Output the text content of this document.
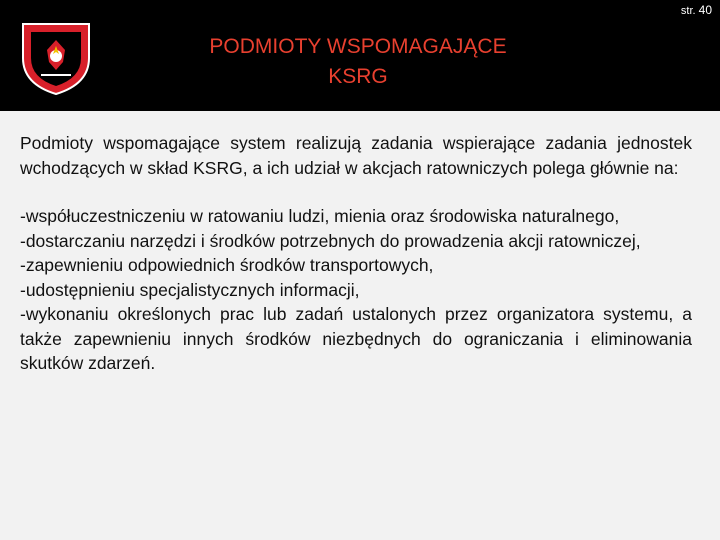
str. 40
PODMIOTY WSPOMAGAJĄCE
KSRG
Podmioty wspomagające system realizują zadania wspierające zadania jednostek wchodzących w skład KSRG, a ich udział w akcjach ratowniczych polega głównie na:
-współuczestniczeniu w ratowaniu ludzi, mienia oraz środowiska naturalnego,
-dostarczaniu narzędzi i środków potrzebnych do prowadzenia akcji ratowniczej,
-zapewnieniu odpowiednich środków transportowych,
-udostępnieniu specjalistycznych informacji,
-wykonaniu określonych prac lub zadań ustalonych przez organizatora systemu, a także zapewnieniu innych środków niezbędnych do ograniczania i eliminowania skutków zdarzeń.
